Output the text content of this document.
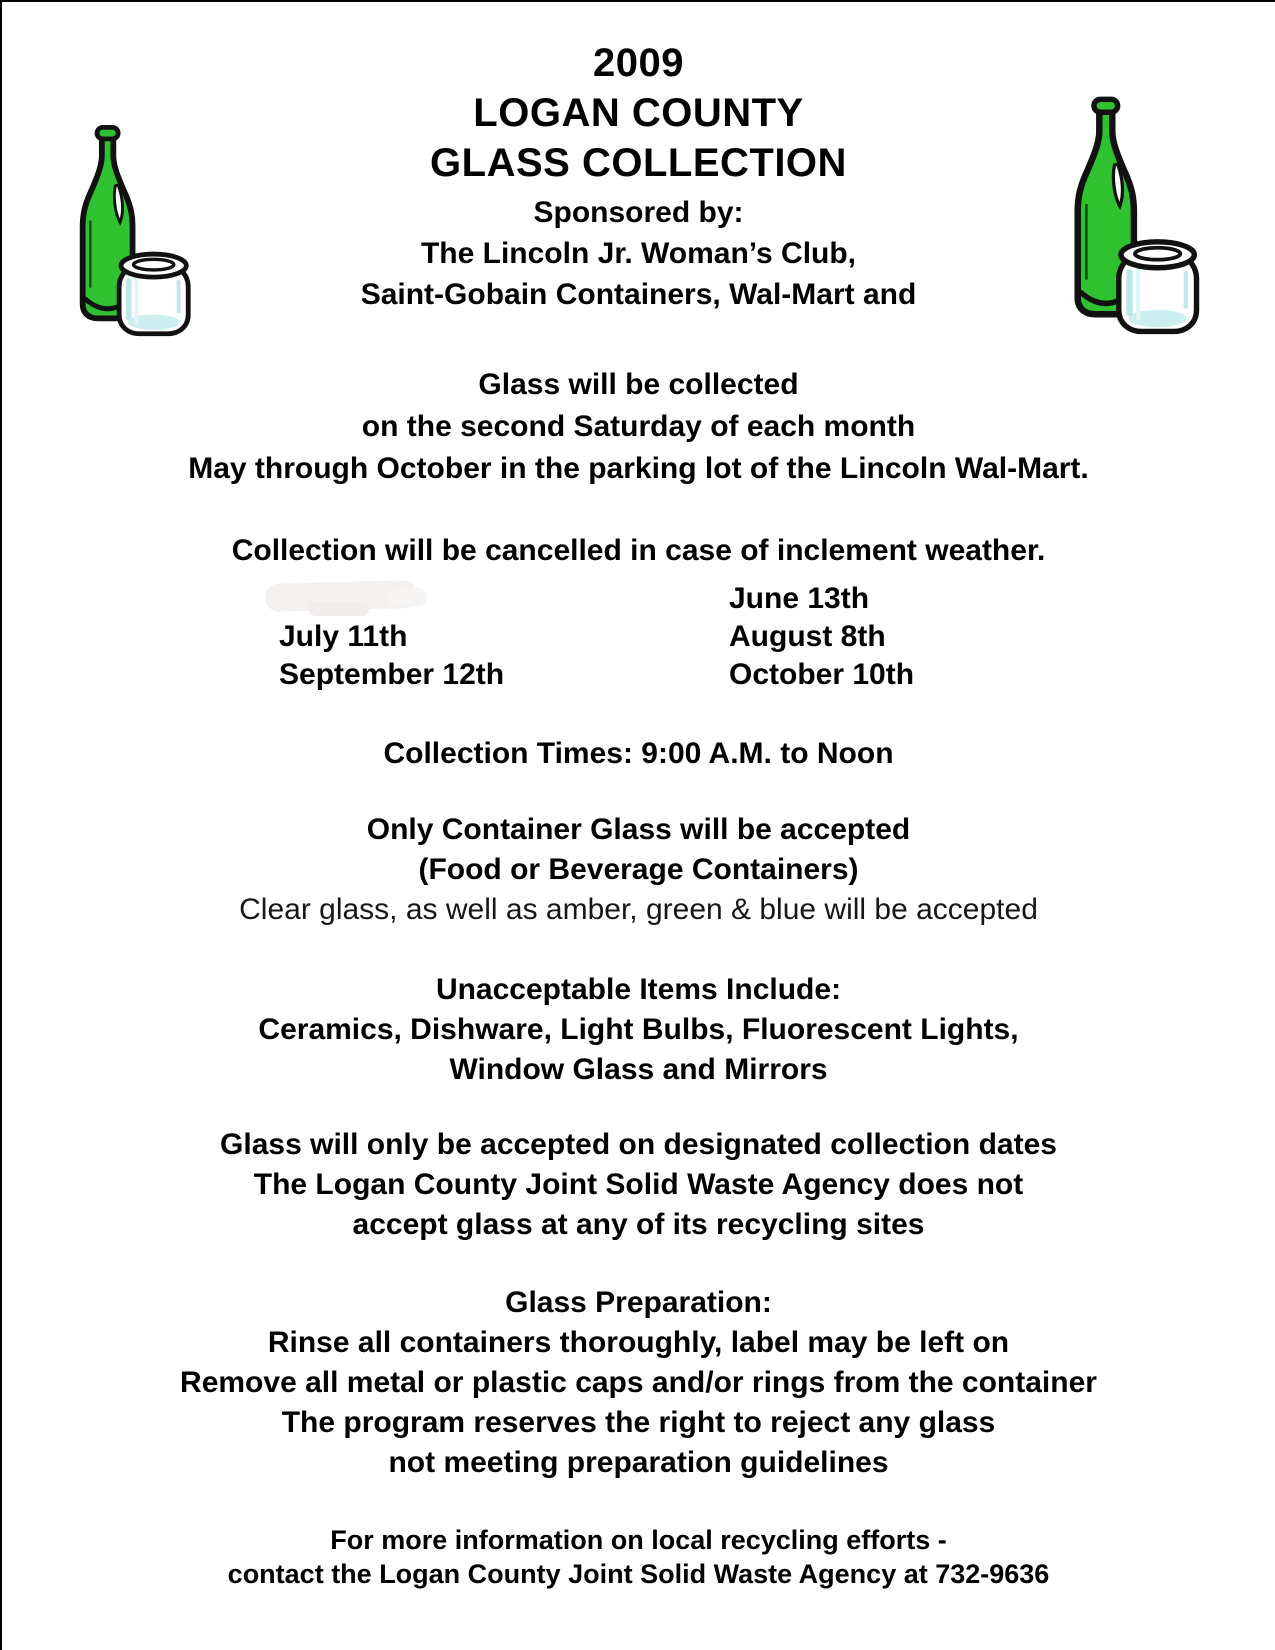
2009
LOGAN COUNTY
GLASS COLLECTION
Sponsored by:
The Lincoln Jr. Woman’s Club,
Saint-Gobain Containers, Wal-Mart and
Glass will be collected
on the second Saturday of each month
May through October in the parking lot of the Lincoln Wal-Mart.
Collection will be cancelled in case of inclement weather.
June 13th
July 11th	August 8th
September 12th	October 10th
Collection Times: 9:00 A.M. to Noon
Only Container Glass will be accepted
(Food or Beverage Containers)
Clear glass, as well as amber, green & blue will be accepted
Unacceptable Items Include:
Ceramics, Dishware, Light Bulbs, Fluorescent Lights,
Window Glass and Mirrors
Glass will only be accepted on designated collection dates
The Logan County Joint Solid Waste Agency does not
accept glass at any of its recycling sites
Glass Preparation:
Rinse all containers thoroughly, label may be left on
Remove all metal or plastic caps and/or rings from the container
The program reserves the right to reject any glass
not meeting preparation guidelines
For more information on local recycling efforts -
contact the Logan County Joint Solid Waste Agency at 732-9636
